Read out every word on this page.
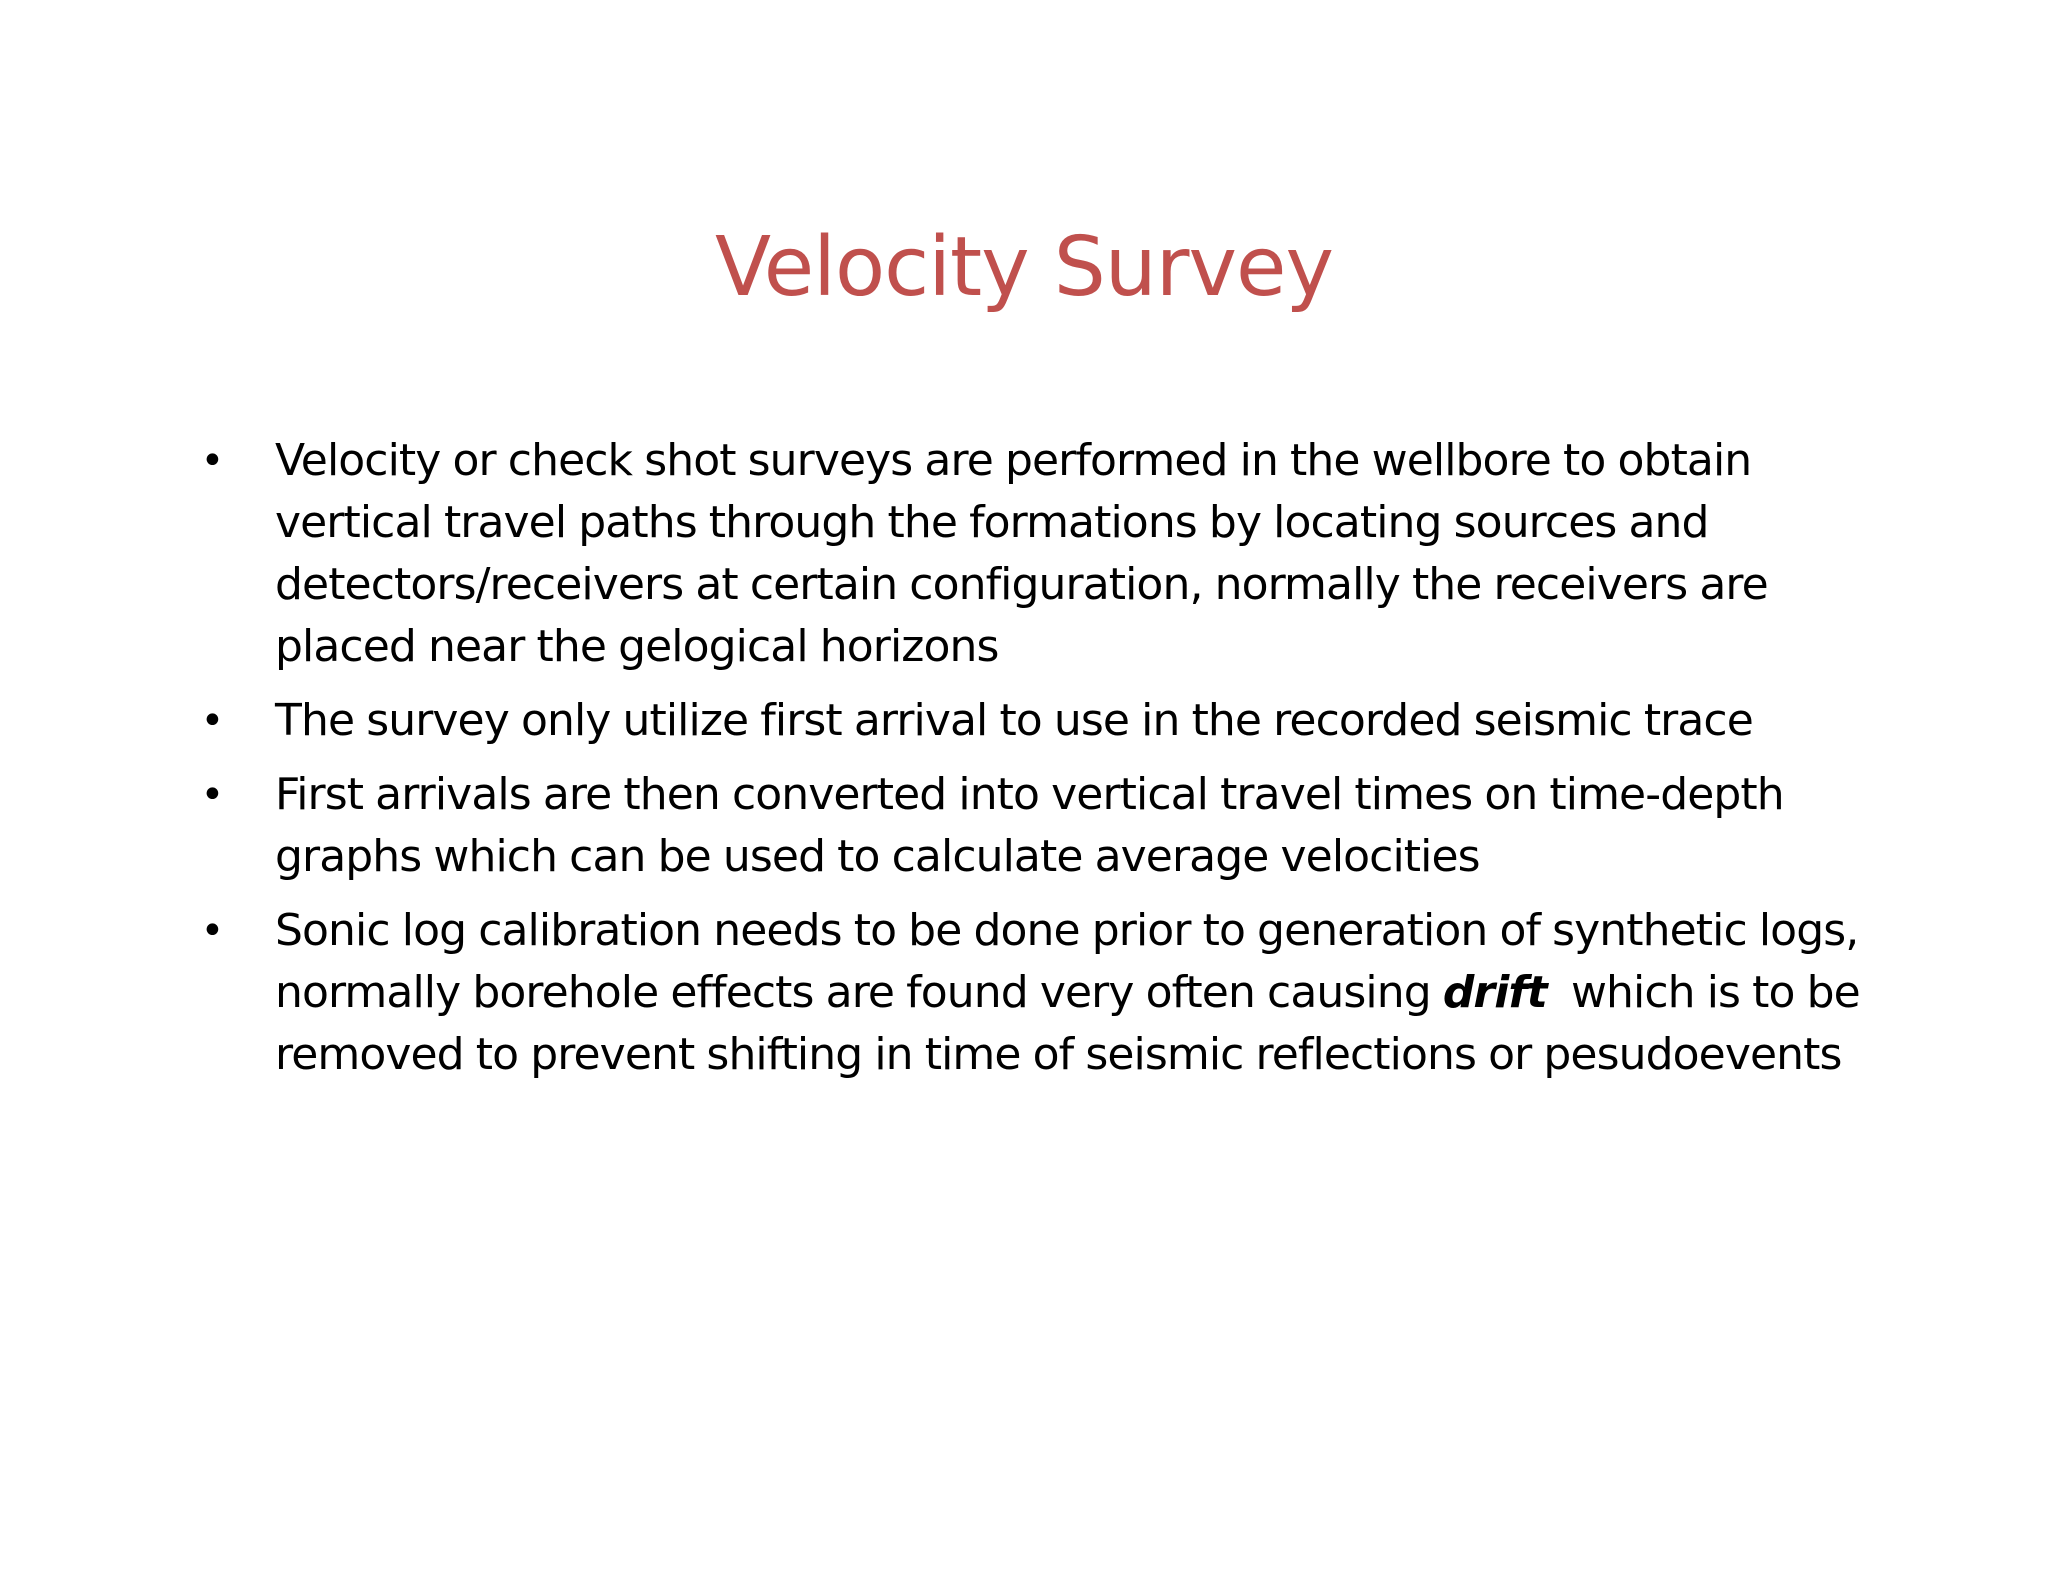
Velocity Survey
• Velocity or check shot surveys are performed in the wellbore to obtain vertical travel paths through the formations by locating sources and detectors/receivers at certain configuration, normally the receivers are placed near the gelogical horizons
• The survey only utilize first arrival to use in the recorded seismic trace
• First arrivals are then converted into vertical travel times on time-depth graphs which can be used to calculate average velocities
• Sonic log calibration needs to be done prior to generation of synthetic logs, normally borehole effects are found very often causing drift  which is to be removed to prevent shifting in time of seismic reflections or pesudoevents
